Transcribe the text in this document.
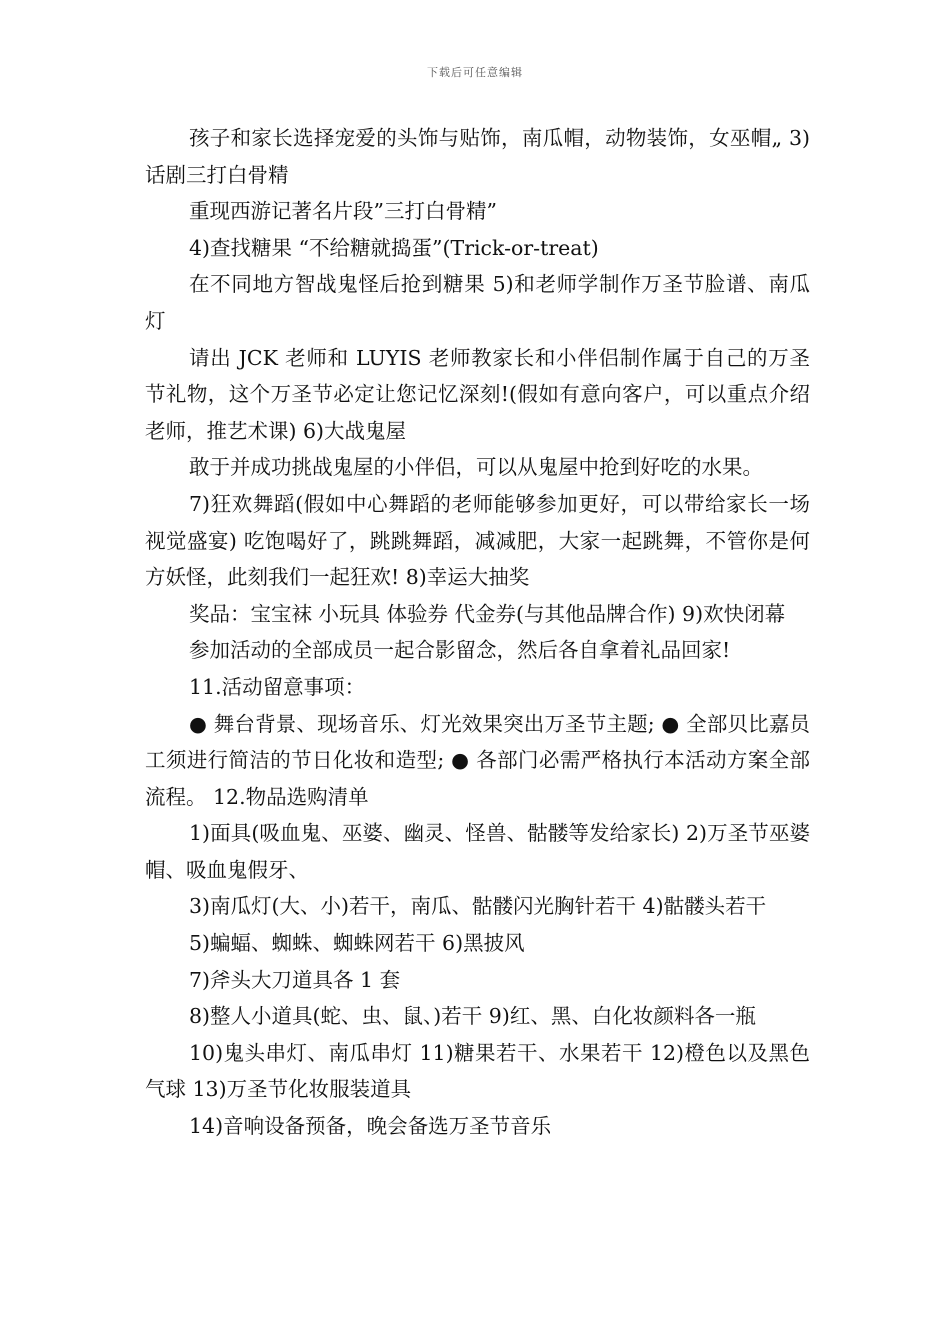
下载后可任意编辑

孩子和家长选择宠爱的头饰与贴饰，南瓜帽，动物装饰，女巫帽„ 3)话剧三打白骨精

重现西游记著名片段”三打白骨精”

4)查找糖果 “不给糖就捣蛋”(Trick-or-treat)

在不同地方智战鬼怪后抢到糖果 5)和老师学制作万圣节脸谱、南瓜灯

请出 JCK 老师和 LUYIS 老师教家长和小伴侣制作属于自己的万圣节礼物，这个万圣节必定让您记忆深刻!(假如有意向客户，可以重点介绍老师，推艺术课) 6)大战鬼屋

敢于并成功挑战鬼屋的小伴侣，可以从鬼屋中抢到好吃的水果。

7)狂欢舞蹈(假如中心舞蹈的老师能够参加更好，可以带给家长一场视觉盛宴) 吃饱喝好了，跳跳舞蹈，减减肥，大家一起跳舞，不管你是何方妖怪，此刻我们一起狂欢! 8)幸运大抽奖

奖品：宝宝袜 小玩具 体验券 代金券(与其他品牌合作) 9)欢快闭幕

参加活动的全部成员一起合影留念，然后各自拿着礼品回家!

11.活动留意事项：

● 舞台背景、现场音乐、灯光效果突出万圣节主题; ● 全部贝比嘉员工须进行简洁的节日化妆和造型; ● 各部门必需严格执行本活动方案全部流程。 12.物品选购清单

1)面具(吸血鬼、巫婆、幽灵、怪兽、骷髅等发给家长) 2)万圣节巫婆帽、吸血鬼假牙、

3)南瓜灯(大、小)若干，南瓜、骷髅闪光胸针若干 4)骷髅头若干

5)蝙蝠、蜘蛛、蜘蛛网若干 6)黑披风

7)斧头大刀道具各 1 套

8)整人小道具(蛇、虫、鼠、)若干 9)红、黑、白化妆颜料各一瓶

10)鬼头串灯、南瓜串灯 11)糖果若干、水果若干 12)橙色以及黑色气球 13)万圣节化妆服装道具

14)音响设备预备，晚会备选万圣节音乐
